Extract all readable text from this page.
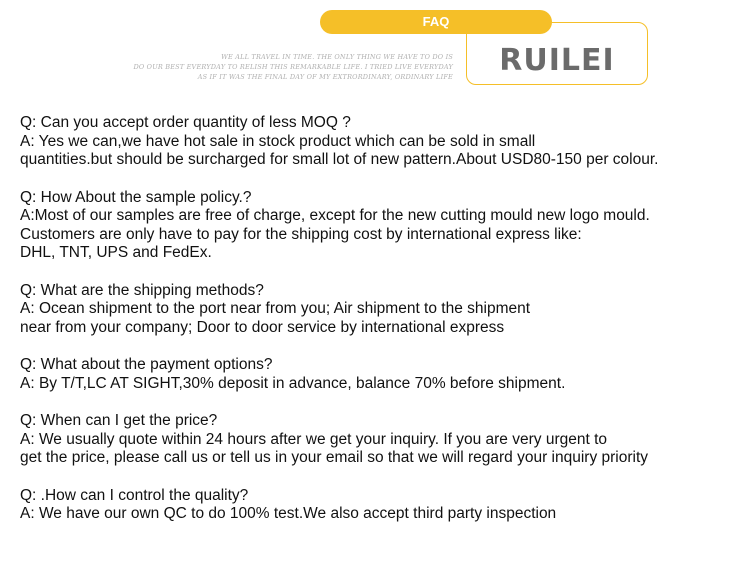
FAQ
RUILEI
WE ALL TRAVEL IN TIME. THE ONLY THING WE HAVE TO DO IS
DO OUR BEST EVERYDAY TO RELISH THIS REMARKABLE LIFE. I TRIED LIVE EVERYDAY
AS IF IT WAS THE FINAL DAY OF MY EXTRORDINARY, ORDINARY LIFE
Q: Can you accept order quantity of less MOQ ?
A: Yes we can,we have hot sale in stock product which can be sold in small
quantities.but should be surcharged for small lot of new pattern.About USD80-150 per colour.
Q: How About the sample policy.?
A:Most of our samples are free of charge, except for the new cutting mould new logo mould.
Customers are only have to pay for the shipping cost by international express like:
DHL, TNT, UPS and FedEx.
Q: What are the shipping methods?
A: Ocean shipment to the port near from you; Air shipment to the shipment
near from your company; Door to door service by international express
Q: What about the payment options?
A: By T/T,LC AT SIGHT,30% deposit in advance, balance 70% before shipment.
Q: When can I get the price?
A: We usually quote within 24 hours after we get your inquiry. If you are very urgent to
get the price, please call us or tell us in your email so that we will regard your inquiry priority
Q: .How can I control the quality?
A: We have our own QC to do 100% test.We also accept third party inspection
